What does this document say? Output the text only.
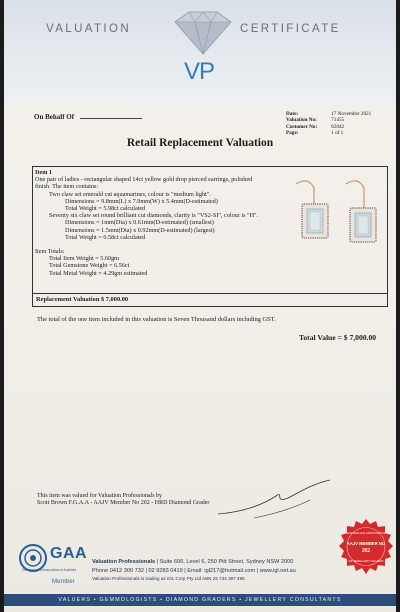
VALUATION	CERTIFICATE
VP
On Behalf Of	Date:	17 November 2021
Valuation No:	71455
Customer No:	82842
Page:	1 of 1
Retail Replacement Valuation
Item 1
One pair of ladies - rectangular shaped 14ct yellow gold drop pierced earrings, polished
finish. The item contains:
Two claw set emerald cut aquamarines, colour is "medium light".
Dimensions = 9.8mm(L) x 7.9mm(W) x 5.4mm(D-estimated)
Total Weight = 5.98ct calculated
Seventy six claw set round brilliant cut diamonds, clarity is "VS2-SI", colour is "H".
Dimensions = 1mm(Dia) x 0.61mm(D-estimated) (smallest)
Dimensions = 1.5mm(Dia) x 0.92mm(D-estimated) (largest)
Total Weight = 0.58ct calculated
Item Totals:
Total Item Weight = 5.60gm
Total Gemstone Weight = 6.56ct
Total Metal Weight = 4.29gm estimated
Replacement Valuation $ 7,000.00
The total of the one item included in this valuation is Seven Thousand dollars including GST.
Total Value = $ 7,000.00
This item was valued for Valuation Professionals by
Scott Brown F.G.A.A - AAJV Member No 202 - HRD Diamond Grader
AUSTRALIAN ASSOCIATION
AAJV MEMBER NO
202
OF JEWELLERY VALUERS
GAA
Gemmological Association of Australia
Member
Valuation Professionals | Suite 606, Level 6, 250 Pitt Street, Sydney NSW 2000
Phone 0412 300 732 | 02 9283 0419 | Email: igl217@hotmail.com | www.igl.net.au
Valuation Professionals is trading as IGL Corp Pty Ltd ABN 25 734 397 496
VALUERS • GEMMOLOGISTS • DIAMOND GRADERS • JEWELLERY CONSULTANTS
